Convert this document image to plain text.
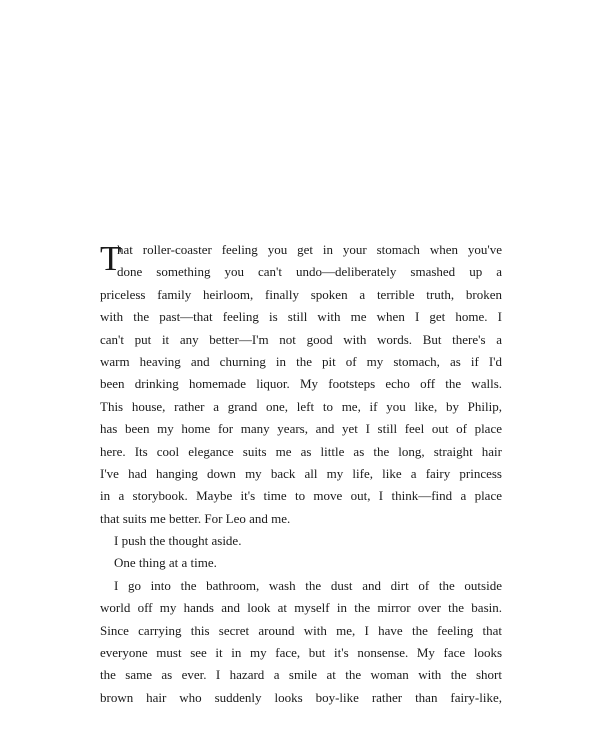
T
hat roller-coaster feeling you get in your stomach when you've
done something you can't undo—deliberately smashed up a
priceless family heirloom, finally spoken a terrible truth, broken
with the past—that feeling is still with me when I get home. I
can't put it any better—I'm not good with words. But there's a
warm heaving and churning in the pit of my stomach, as if I'd
been drinking homemade liquor. My footsteps echo off the walls.
This house, rather a grand one, left to me, if you like, by Philip,
has been my home for many years, and yet I still feel out of place
here. Its cool elegance suits me as little as the long, straight hair
I've had hanging down my back all my life, like a fairy princess
in a storybook. Maybe it's time to move out, I think—find a place
that suits me better. For Leo and me.
I push the thought aside.
One thing at a time.
I go into the bathroom, wash the dust and dirt of the outside
world off my hands and look at myself in the mirror over the basin.
Since carrying this secret around with me, I have the feeling that
everyone must see it in my face, but it's nonsense. My face looks
the same as ever. I hazard a smile at the woman with the short
brown hair who suddenly looks boy-like rather than fairy-like,
